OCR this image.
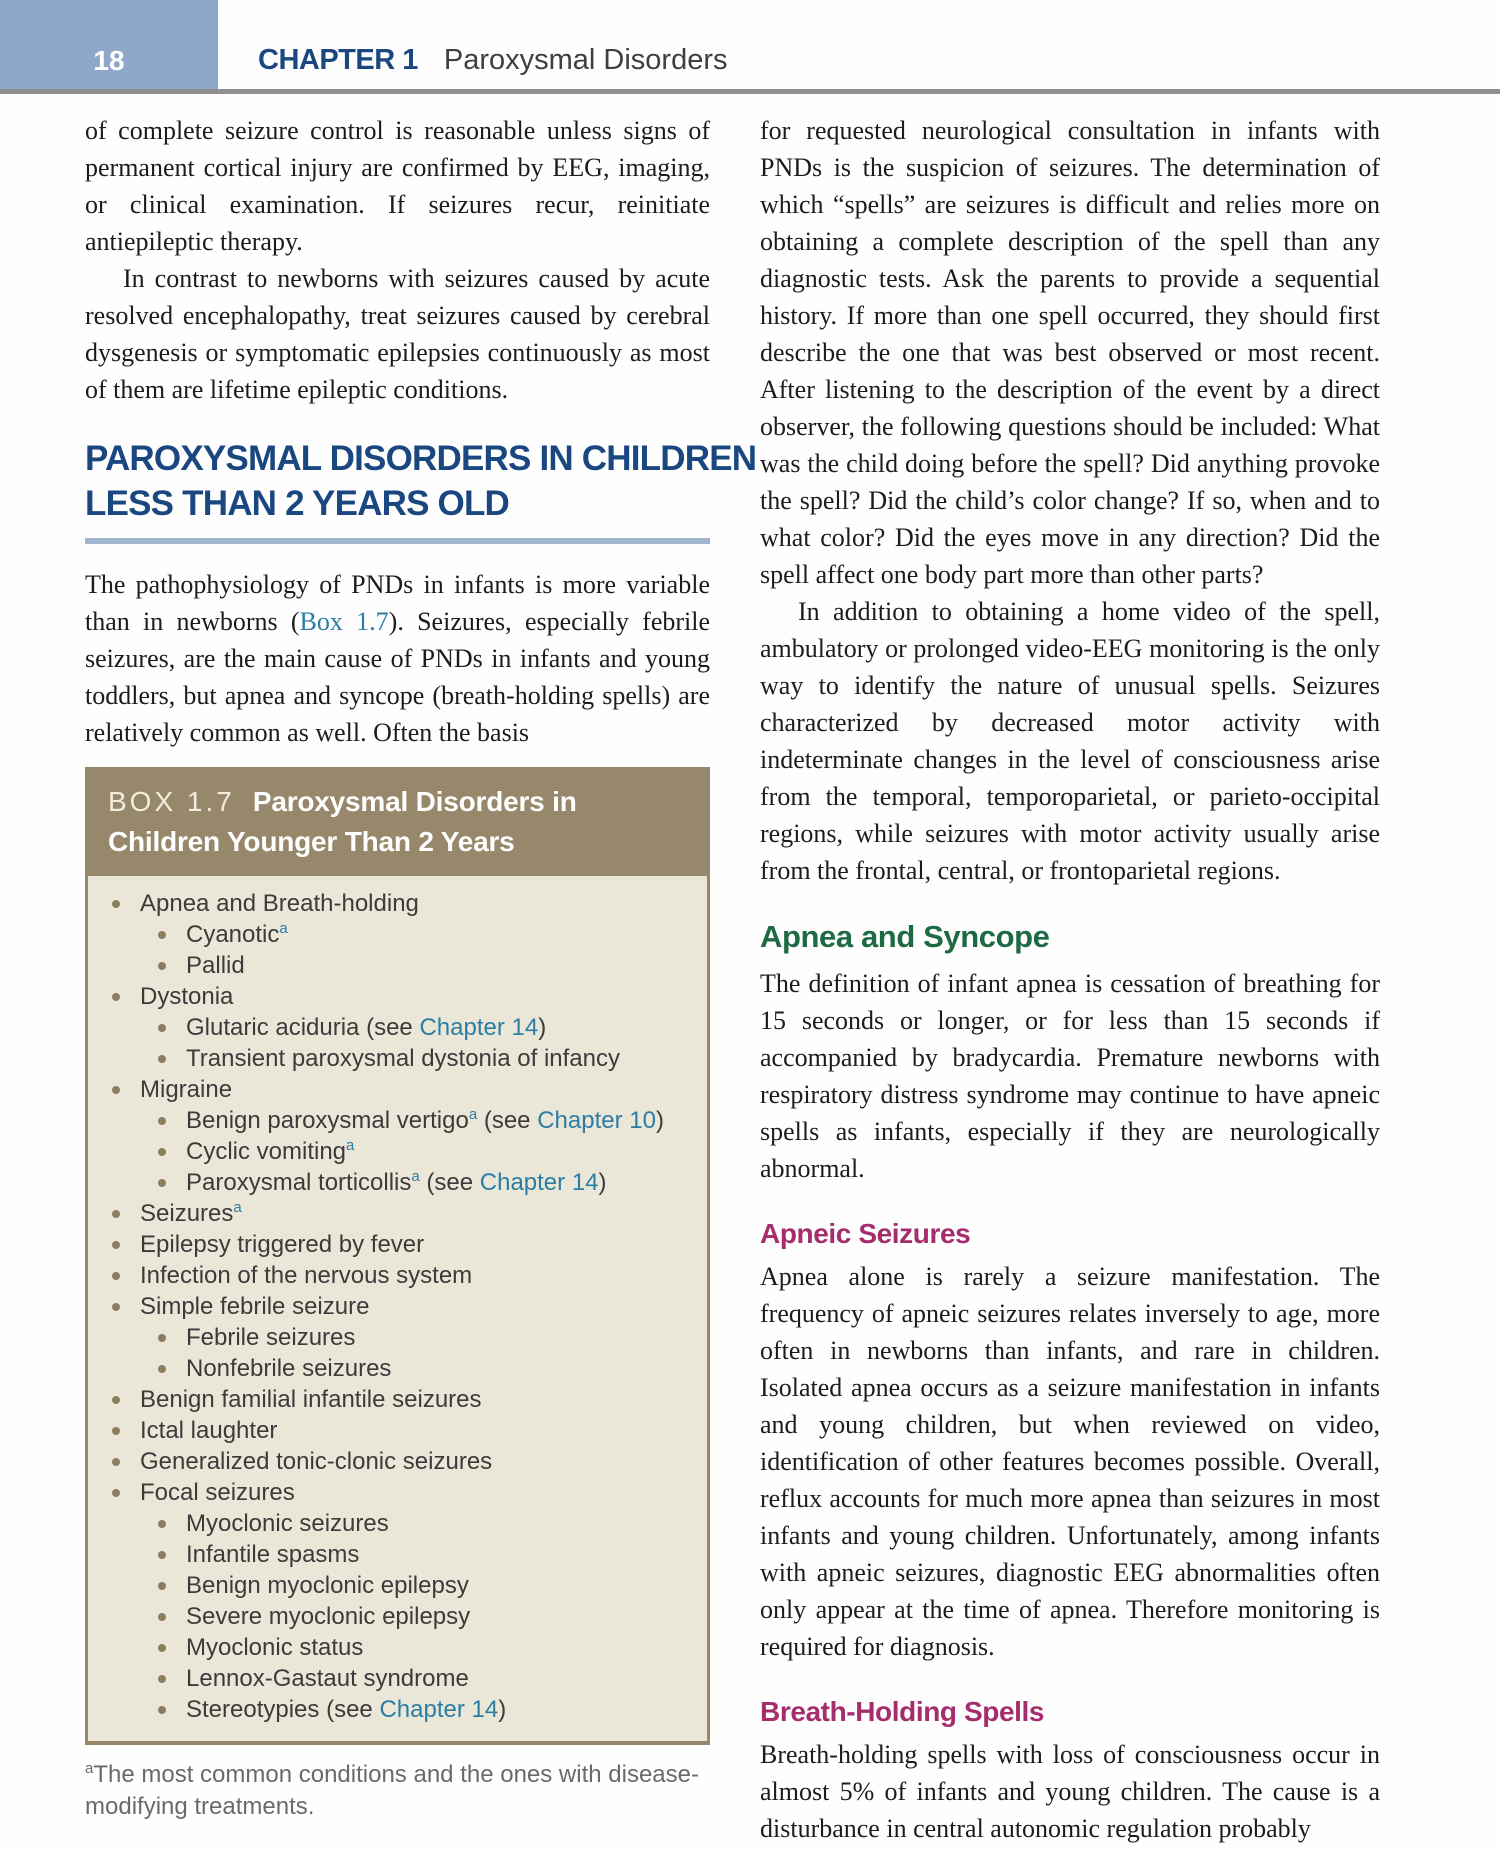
18	CHAPTER 1 Paroxysmal Disorders

of complete seizure control is reasonable unless signs of permanent cortical injury are confirmed by EEG, imaging, or clinical examination. If seizures recur, reinitiate antiepileptic therapy.

In contrast to newborns with seizures caused by acute resolved encephalopathy, treat seizures caused by cerebral dysgenesis or symptomatic epilepsies continuously as most of them are lifetime epileptic conditions.

PAROXYSMAL DISORDERS IN CHILDREN
LESS THAN 2 YEARS OLD

The pathophysiology of PNDs in infants is more variable than in newborns (Box 1.7). Seizures, especially febrile seizures, are the main cause of PNDs in infants and young toddlers, but apnea and syncope (breath-holding spells) are relatively common as well. Often the basis

BOX 1.7 Paroxysmal Disorders in Children Younger Than 2 Years
Apnea and Breath-holding
Cyanotic$^a$
Pallid
Dystonia
Glutaric aciduria (see Chapter 14)
Transient paroxysmal dystonia of infancy
Migraine
Benign paroxysmal vertigo$^a$ (see Chapter 10)
Cyclic vomiting$^a$
Paroxysmal torticollis$^a$ (see Chapter 14)
Seizures$^a$
Epilepsy triggered by fever
Infection of the nervous system
Simple febrile seizure
Febrile seizures
Nonfebrile seizures
Benign familial infantile seizures
Ictal laughter
Generalized tonic-clonic seizures
Focal seizures
Myoclonic seizures
Infantile spasms
Benign myoclonic epilepsy
Severe myoclonic epilepsy
Myoclonic status
Lennox-Gastaut syndrome
Stereotypies (see Chapter 14)

$^a$The most common conditions and the ones with disease-modifying treatments.

for requested neurological consultation in infants with PNDs is the suspicion of seizures. The determination of which “spells” are seizures is difficult and relies more on obtaining a complete description of the spell than any diagnostic tests. Ask the parents to provide a sequential history. If more than one spell occurred, they should first describe the one that was best observed or most recent. After listening to the description of the event by a direct observer, the following questions should be included: What was the child doing before the spell? Did anything provoke the spell? Did the child’s color change? If so, when and to what color? Did the eyes move in any direction? Did the spell affect one body part more than other parts?

In addition to obtaining a home video of the spell, ambulatory or prolonged video-EEG monitoring is the only way to identify the nature of unusual spells. Seizures characterized by decreased motor activity with indeterminate changes in the level of consciousness arise from the temporal, temporoparietal, or parieto-occipital regions, while seizures with motor activity usually arise from the frontal, central, or frontoparietal regions.

Apnea and Syncope

The definition of infant apnea is cessation of breathing for 15 seconds or longer, or for less than 15 seconds if accompanied by bradycardia. Premature newborns with respiratory distress syndrome may continue to have apneic spells as infants, especially if they are neurologically abnormal.

Apneic Seizures

Apnea alone is rarely a seizure manifestation. The frequency of apneic seizures relates inversely to age, more often in newborns than infants, and rare in children. Isolated apnea occurs as a seizure manifestation in infants and young children, but when reviewed on video, identification of other features becomes possible. Overall, reflux accounts for much more apnea than seizures in most infants and young children. Unfortunately, among infants with apneic seizures, diagnostic EEG abnormalities often only appear at the time of apnea. Therefore monitoring is required for diagnosis.

Breath-Holding Spells

Breath-holding spells with loss of consciousness occur in almost 5% of infants and young children. The cause is a disturbance in central autonomic regulation probably
